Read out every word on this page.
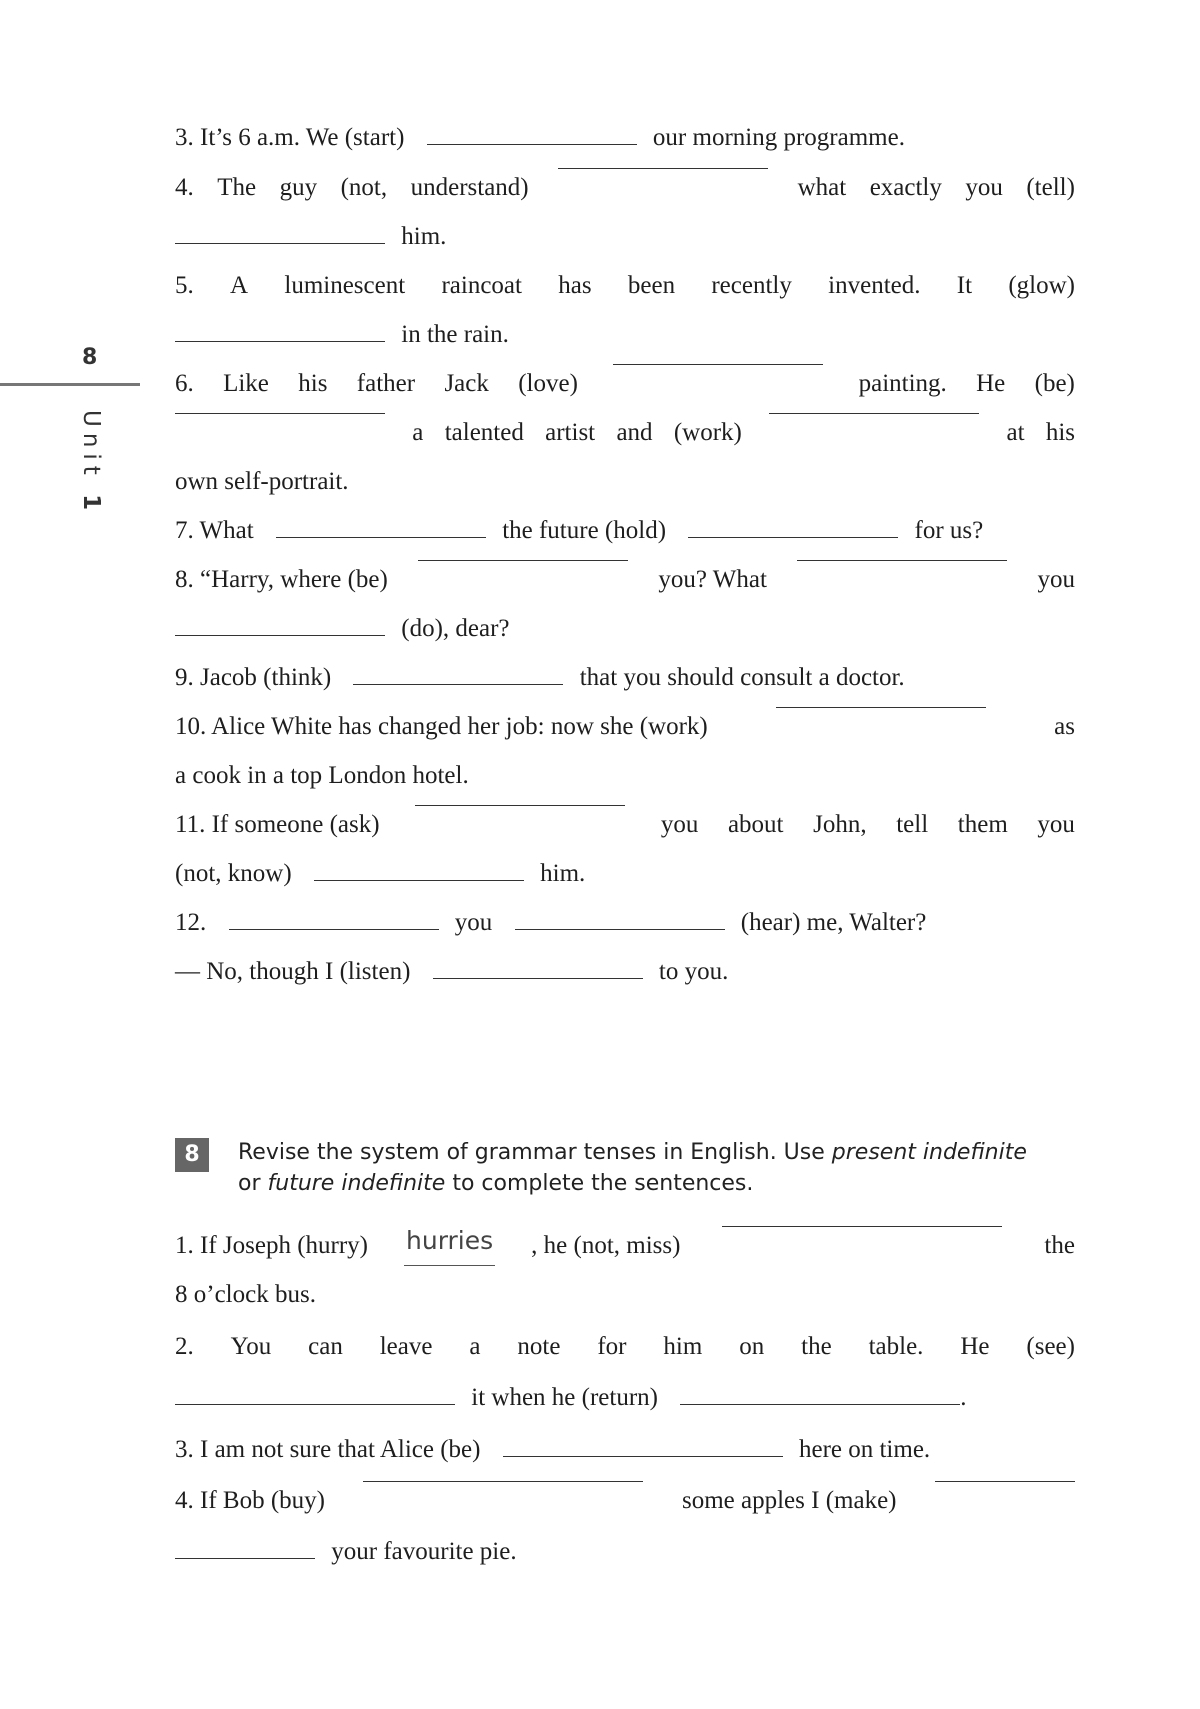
8
Unit 1
3. It’s 6 a.m. We (start)	our morning programme.
4. The guy (not, understand)	what exactly you (tell)
him.
5. A luminescent raincoat has been recently invented. It (glow)
in the rain.
6. Like his father Jack (love)	painting. He (be)
a talented artist and (work)	at his
own self-portrait.
7. What	the future (hold)	for us?
8. “Harry, where (be)	you? What	you
(do), dear?
9. Jacob (think)	that you should consult a doctor.
10. Alice White has changed her job: now she (work)	as
a cook in a top London hotel.
11. If someone (ask)	you about John, tell them you
(not, know)	him.
12.	you	(hear) me, Walter?
— No, though I (listen)	to you.
8	Revise the system of grammar tenses in English. Use present indefinite
or future indefinite to complete the sentences.
1. If Joseph (hurry) hurries , he (not, miss)	the
8 o’clock bus.
2. You can leave a note for him on the table. He (see)
it when he (return)	.
3. I am not sure that Alice (be)	here on time.
4. If Bob (buy)	some apples I (make)
your favourite pie.
